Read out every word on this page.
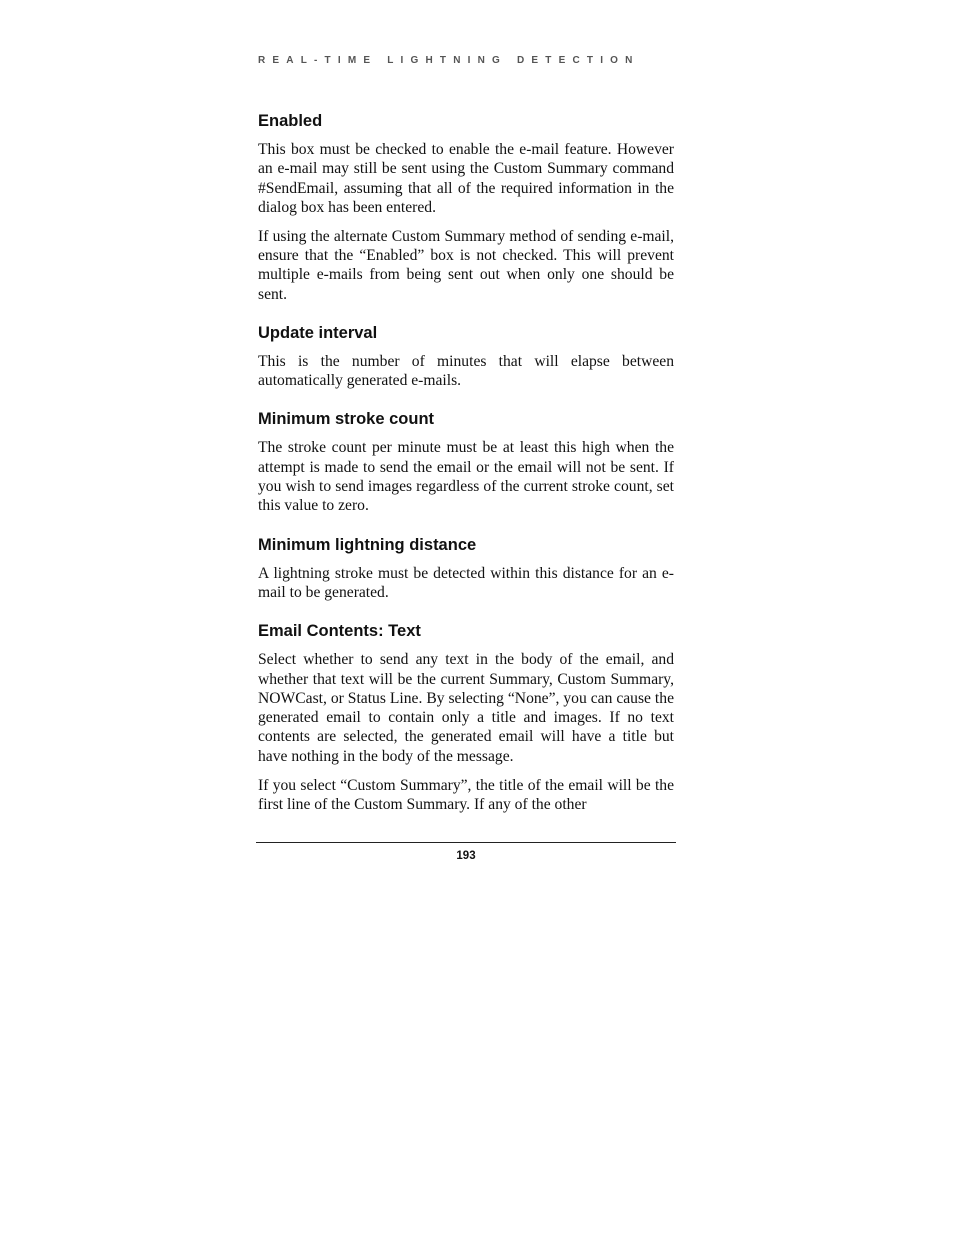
REAL-TIME LIGHTNING DETECTION
Enabled

This box must be checked to enable the e-mail feature. However an e-mail may still be sent using the Custom Summary command #SendEmail, assuming that all of the required information in the dialog box has been entered.

If using the alternate Custom Summary method of sending e-mail, ensure that the “Enabled” box is not checked. This will prevent multiple e-mails from being sent out when only one should be sent.

Update interval

This is the number of minutes that will elapse between automatically generated e-mails.

Minimum stroke count

The stroke count per minute must be at least this high when the attempt is made to send the email or the email will not be sent. If you wish to send images regardless of the current stroke count, set this value to zero.

Minimum lightning distance

A lightning stroke must be detected within this distance for an e-mail to be generated.

Email Contents: Text

Select whether to send any text in the body of the email, and whether that text will be the current Summary, Custom Summary, NOWCast, or Status Line. By selecting “None”, you can cause the generated email to contain only a title and images. If no text contents are selected, the generated email will have a title but have nothing in the body of the message.

If you select “Custom Summary”, the title of the email will be the first line of the Custom Summary. If any of the other

193
